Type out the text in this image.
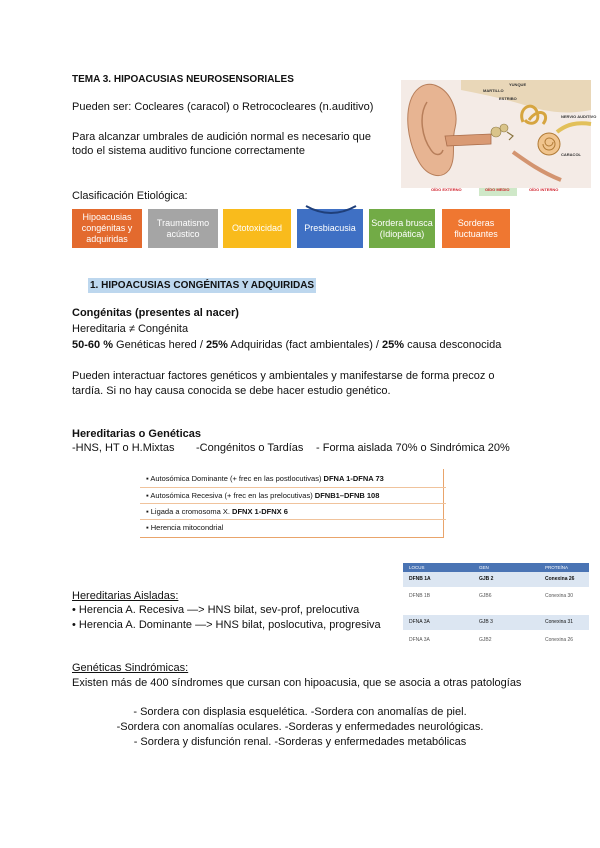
TEMA 3. HIPOACUSIAS NEUROSENSORIALES
Pueden ser: Cocleares (caracol) o Retrococleares (n.auditivo)
Para alcanzar umbrales de audición normal es necesario que
todo el sistema auditivo funcione correctamente
YUNQUE
MARTILLO
ESTRIBO
NERVIO AUDITIVO
CARACOL
OÍDO EXTERNO	OÍDO MEDIO	OÍDO INTERNO
Clasificación Etiológica:
Hipoacusias congénitas y adquiridas
Traumatismo acústico
Ototoxicidad	Presbiacusia
Sordera brusca (Idiopática)
Sorderas fluctuantes
1. HIPOACUSIAS CONGÉNITAS Y ADQUIRIDAS
Congénitas (presentes al nacer)
Hereditaria ≠ Congénita
50-60 % Genéticas hered / 25% Adquiridas (fact ambientales) / 25% causa desconocida
Pueden interactuar factores genéticos y ambientales y manifestarse de forma precoz o
tardía. Si no hay causa conocida se debe hacer estudio genético.
Hereditarias o Genéticas
-HNS, HT o H.Mixtas -Congénitos o Tardías - Forma aislada 70% o Sindrómica 20%
▪ Autosómica Dominante (+ frec en las postlocutivas) DFNA 1-DFNA 73
▪ Autosómica Recesiva (+ frec en las prelocutivas) DFNB1–DFNB 108
▪ Ligada a cromosoma X. DFNX 1-DFNX 6
▪ Herencia mitocondrial
LOCUS	GEN	PROTEÍNA
DFNB 1A	GJB 2	Conexina 26
DFNB 1B	GJB6	Conexina 30
DFNA 3A	GJB 3	Conexina 31
DFNA 3A	GJB2	Conexina 26
Hereditarias Aisladas:
• Herencia A. Recesiva —> HNS bilat, sev-prof, prelocutiva
• Herencia A. Dominante —> HNS bilat, poslocutiva, progresiva
Genéticas Sindrómicas:
Existen más de 400 síndromes que cursan con hipoacusia, que se asocia a otras patologías
- Sordera con displasia esquelética. -Sordera con anomalías de piel.
-Sordera con anomalías oculares. -Sorderas y enfermedades neurológicas.
- Sordera y disfunción renal. -Sorderas y enfermedades metabólicas
